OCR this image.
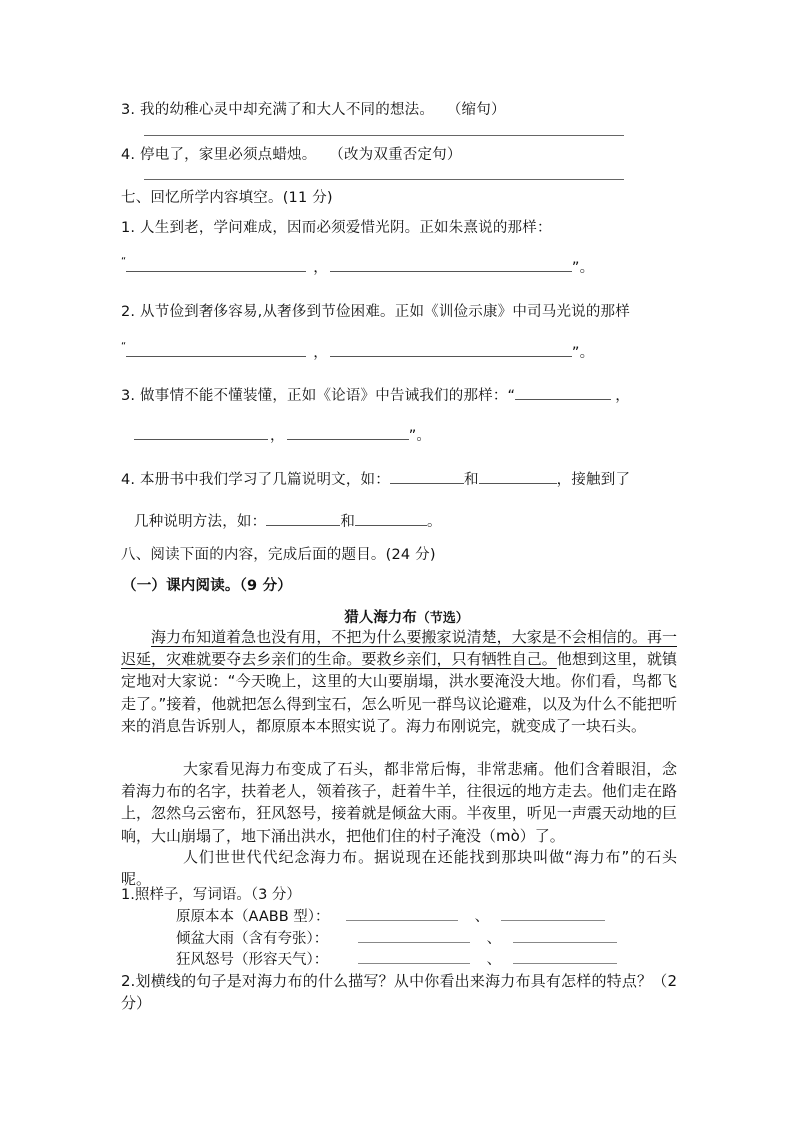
3. 我的幼稚心灵中却充满了和大人不同的想法。 （缩句）
4. 停电了，家里必须点蜡烛。 （改为双重否定句）
七、回忆所学内容填空。(11 分)
1. 人生到老，学问难成，因而必须爱惜光阴。正如朱熹说的那样：
“	，	”。
2. 从节俭到奢侈容易,从奢侈到节俭困难。正如《训俭示康》中司马光说的那样
“	，	”。
3. 做事情不能不懂装懂，正如《论语》中告诫我们的那样：“	，
，	”。
4. 本册书中我们学习了几篇说明文，如：	和	，接触到了
几种说明方法，如：	和	。
八、阅读下面的内容，完成后面的题目。(24 分)
（一）课内阅读。（9 分）
猎人海力布（节选）
海力布知道着急也没有用，不把为什么要搬家说清楚，大家是不会相信的。再一迟延，灾难就要夺去乡亲们的生命。要救乡亲们，只有牺牲自己。他想到这里，就镇定地对大家说：“今天晚上，这里的大山要崩塌，洪水要淹没大地。你们看，鸟都飞走了。”接着，他就把怎么得到宝石，怎么听见一群鸟议论避难，以及为什么不能把听来的消息告诉别人，都原原本本照实说了。海力布刚说完，就变成了一块石头。
大家看见海力布变成了石头，都非常后悔，非常悲痛。他们含着眼泪，念着海力布的名字，扶着老人，领着孩子，赶着牛羊，往很远的地方走去。他们走在路上，忽然乌云密布，狂风怒号，接着就是倾盆大雨。半夜里，听见一声震天动地的巨响，大山崩塌了，地下涌出洪水，把他们住的村子淹没（mò）了。
人们世世代代纪念海力布。据说现在还能找到那块叫做“海力布”的石头呢。
1.照样子，写词语。（3 分）
原原本本（AABB 型）：	、
倾盆大雨（含有夸张）：	、
狂风怒号（形容天气）：	、
2.划横线的句子是对海力布的什么描写？从中你看出来海力布具有怎样的特点？（2 分）
